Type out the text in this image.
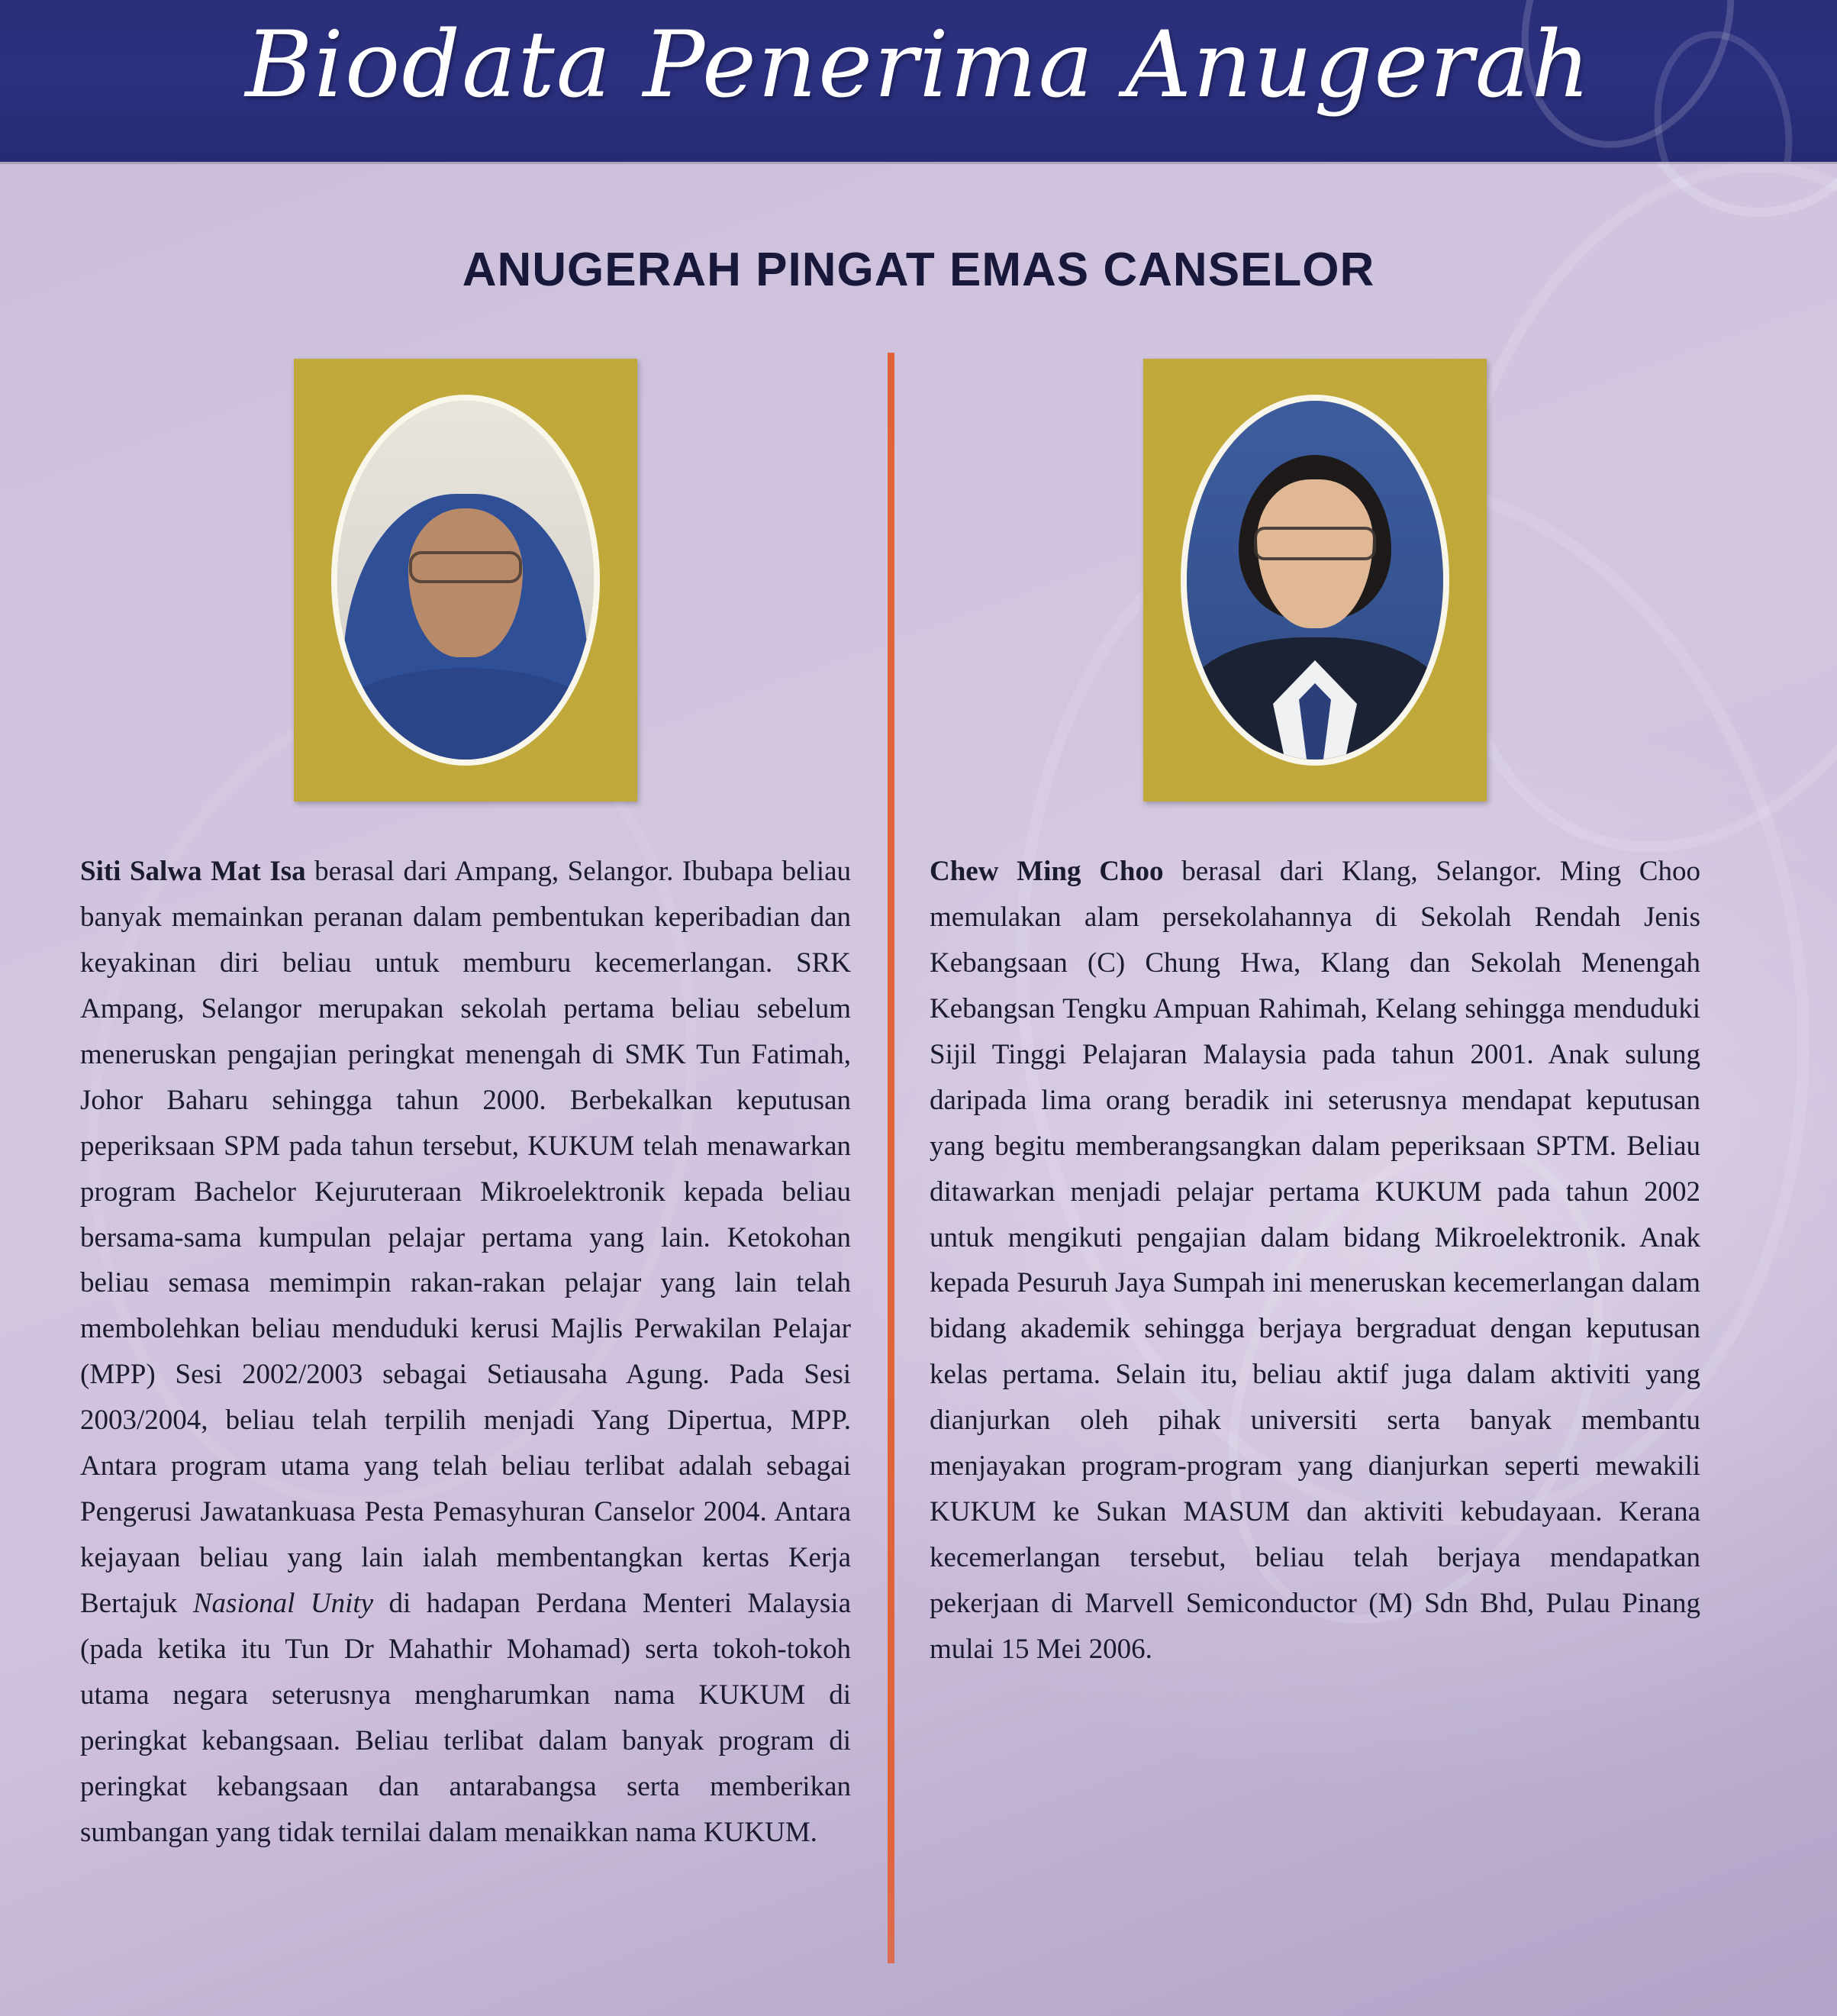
Biodata Penerima Anugerah
ANUGERAH PINGAT EMAS CANSELOR

Siti Salwa Mat Isa berasal dari Ampang, Selangor. Ibubapa beliau banyak memainkan peranan dalam pembentukan keperibadian dan keyakinan diri beliau untuk memburu kecemerlangan. SRK Ampang, Selangor merupakan sekolah pertama beliau sebelum meneruskan pengajian peringkat menengah di SMK Tun Fatimah, Johor Baharu sehingga tahun 2000. Berbekalkan keputusan peperiksaan SPM pada tahun tersebut, KUKUM telah menawarkan program Bachelor Kejuruteraan Mikroelektronik kepada beliau bersama-sama kumpulan pelajar pertama yang lain. Ketokohan beliau semasa memimpin rakan-rakan pelajar yang lain telah membolehkan beliau menduduki kerusi Majlis Perwakilan Pelajar (MPP) Sesi 2002/2003 sebagai Setiausaha Agung. Pada Sesi 2003/2004, beliau telah terpilih menjadi Yang Dipertua, MPP. Antara program utama yang telah beliau terlibat adalah sebagai Pengerusi Jawatankuasa Pesta Pemasyhuran Canselor 2004. Antara kejayaan beliau yang lain ialah membentangkan kertas Kerja Bertajuk Nasional Unity di hadapan Perdana Menteri Malaysia (pada ketika itu Tun Dr Mahathir Mohamad) serta tokoh-tokoh utama negara seterusnya mengharumkan nama KUKUM di peringkat kebangsaan. Beliau terlibat dalam banyak program di peringkat kebangsaan dan antarabangsa serta memberikan sumbangan yang tidak ternilai dalam menaikkan nama KUKUM.

Chew Ming Choo berasal dari Klang, Selangor. Ming Choo memulakan alam persekolahannya di Sekolah Rendah Jenis Kebangsaan (C) Chung Hwa, Klang dan Sekolah Menengah Kebangsan Tengku Ampuan Rahimah, Kelang sehingga menduduki Sijil Tinggi Pelajaran Malaysia pada tahun 2001. Anak sulung daripada lima orang beradik ini seterusnya mendapat keputusan yang begitu memberangsangkan dalam peperiksaan SPTM. Beliau ditawarkan menjadi pelajar pertama KUKUM pada tahun 2002 untuk mengikuti pengajian dalam bidang Mikroelektronik. Anak kepada Pesuruh Jaya Sumpah ini meneruskan kecemerlangan dalam bidang akademik sehingga berjaya bergraduat dengan keputusan kelas pertama. Selain itu, beliau aktif juga dalam aktiviti yang dianjurkan oleh pihak universiti serta banyak membantu menjayakan program-program yang dianjurkan seperti mewakili KUKUM ke Sukan MASUM dan aktiviti kebudayaan. Kerana kecemerlangan tersebut, beliau telah berjaya mendapatkan pekerjaan di Marvell Semiconductor (M) Sdn Bhd, Pulau Pinang mulai 15 Mei 2006.
